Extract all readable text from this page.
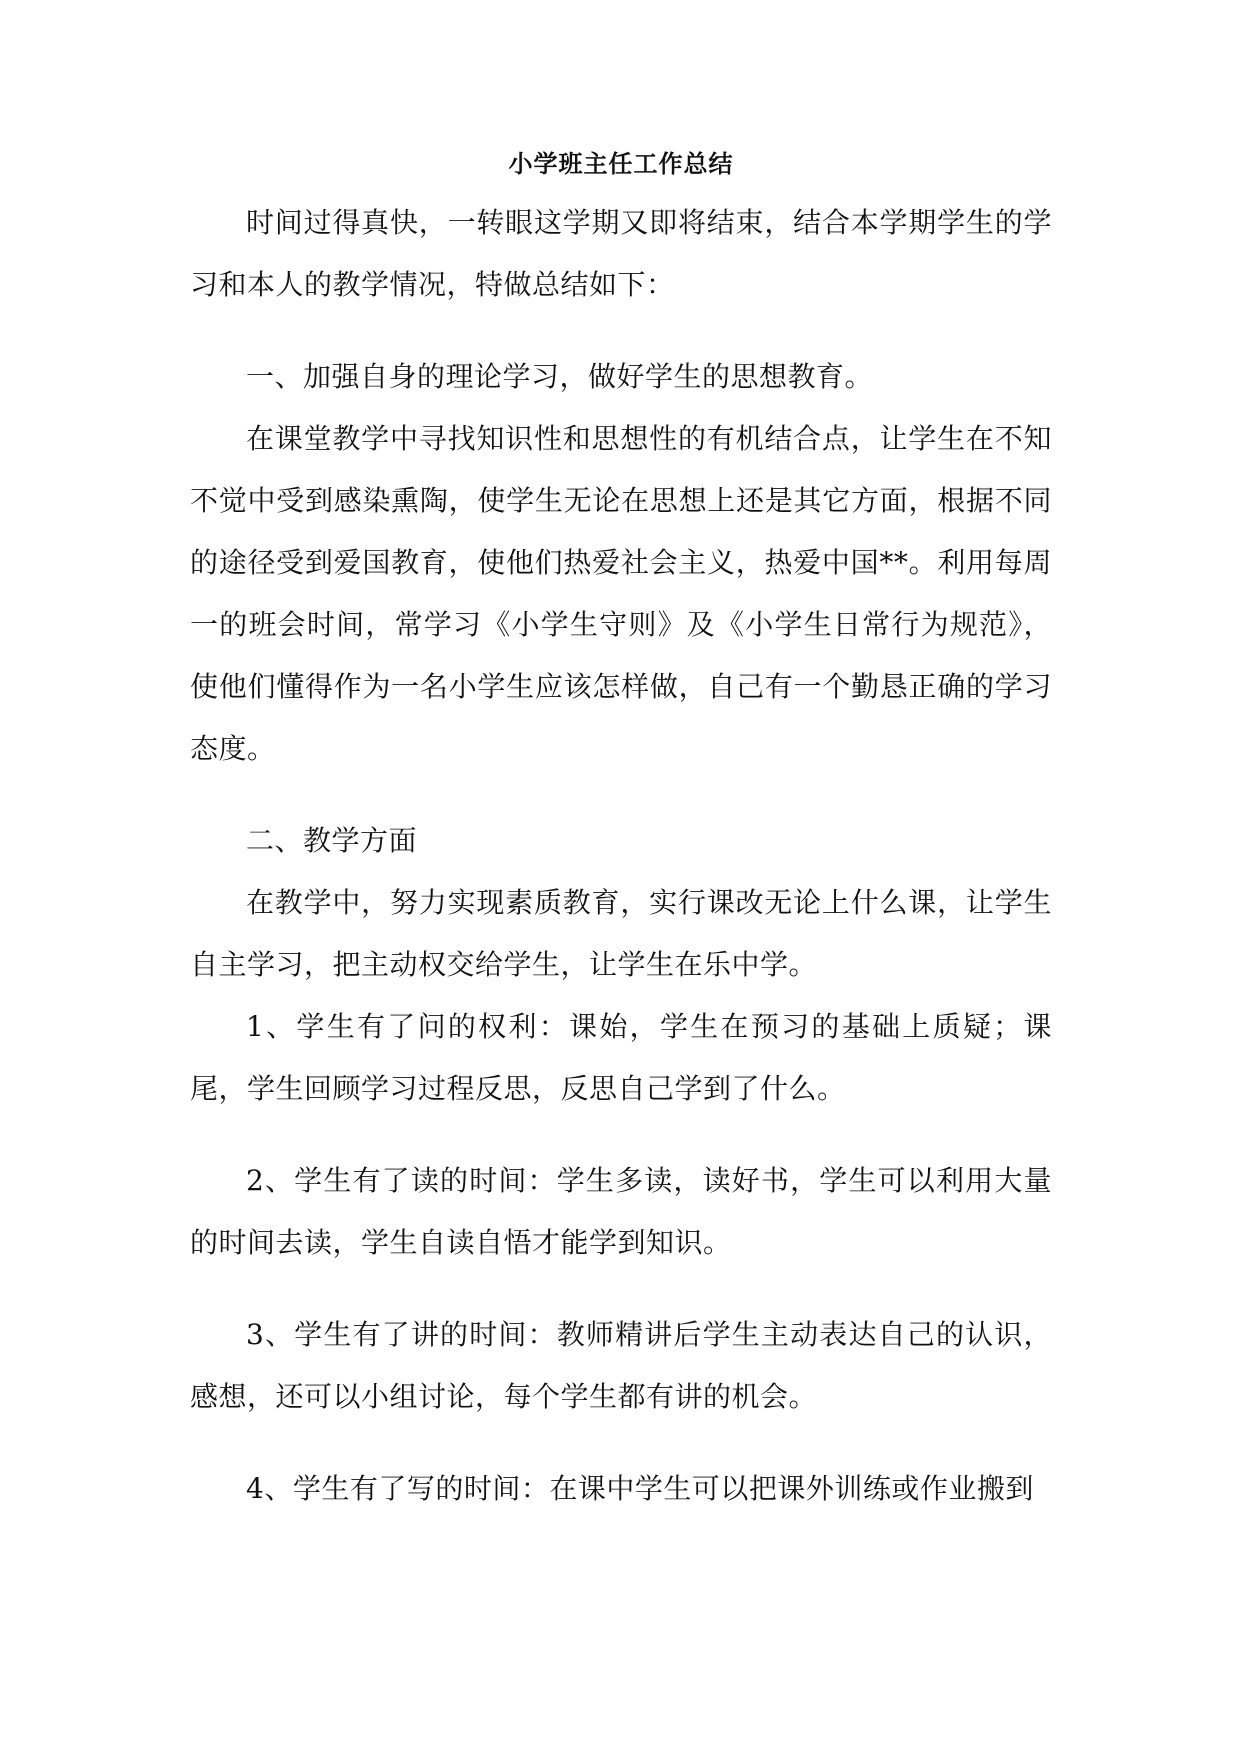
小学班主任工作总结

时间过得真快，一转眼这学期又即将结束，结合本学期学生的学习和本人的教学情况，特做总结如下：

一、加强自身的理论学习，做好学生的思想教育。

在课堂教学中寻找知识性和思想性的有机结合点，让学生在不知不觉中受到感染熏陶，使学生无论在思想上还是其它方面，根据不同的途径受到爱国教育，使他们热爱社会主义，热爱中国**。利用每周一的班会时间，常学习《小学生守则》及《小学生日常行为规范》，使他们懂得作为一名小学生应该怎样做，自己有一个勤恳正确的学习态度。

二、教学方面

在教学中，努力实现素质教育，实行课改无论上什么课，让学生自主学习，把主动权交给学生，让学生在乐中学。

1、学生有了问的权利：课始，学生在预习的基础上质疑；课尾，学生回顾学习过程反思，反思自己学到了什么。

2、学生有了读的时间：学生多读，读好书，学生可以利用大量的时间去读，学生自读自悟才能学到知识。

3、学生有了讲的时间：教师精讲后学生主动表达自己的认识，感想，还可以小组讨论，每个学生都有讲的机会。

4、学生有了写的时间：在课中学生可以把课外训练或作业搬到
